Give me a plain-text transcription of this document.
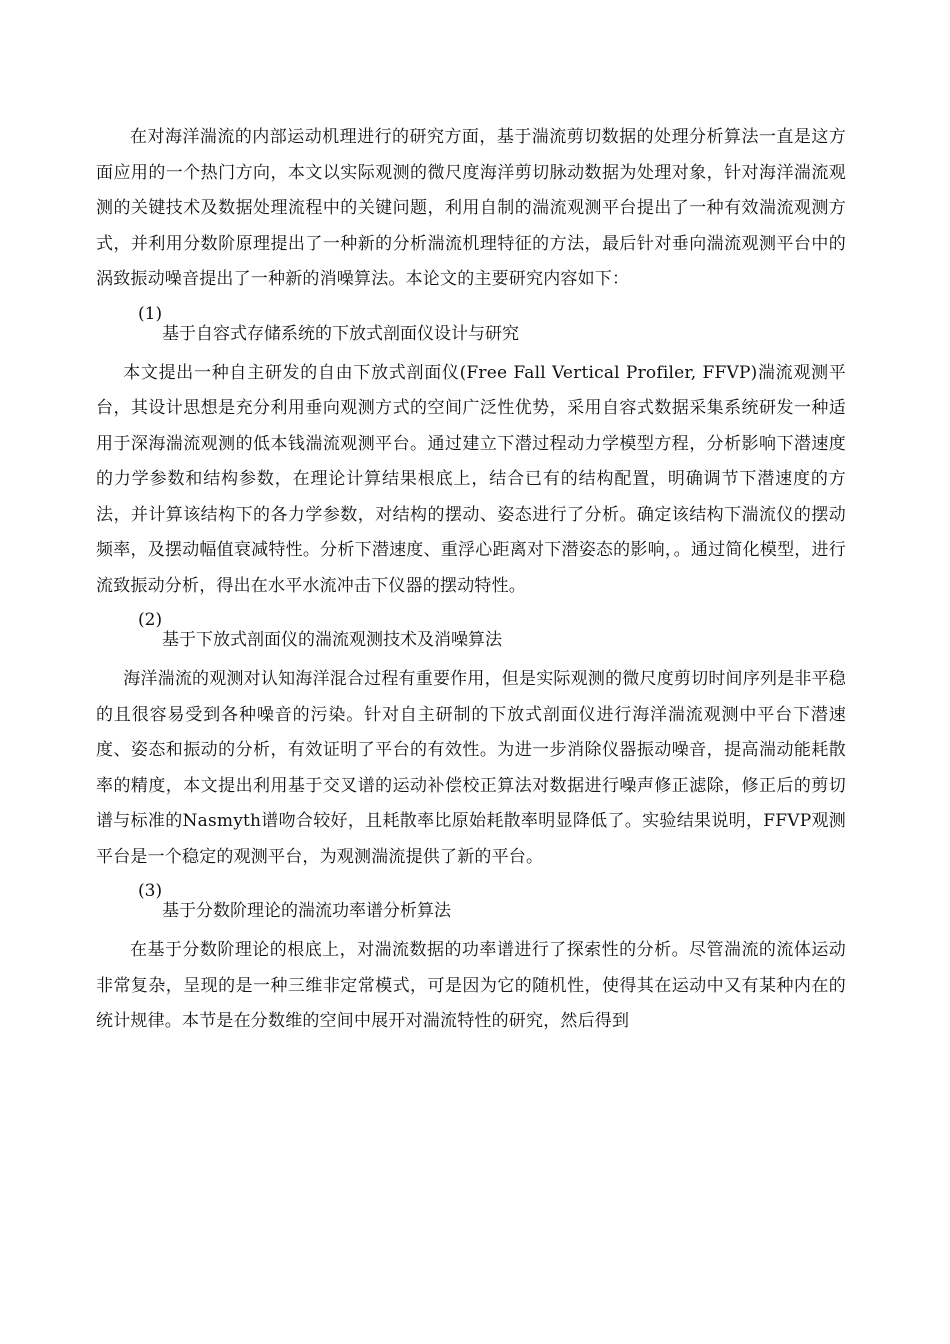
在对海洋湍流的内部运动机理进行的研究方面，基于湍流剪切数据的处理分析算法一直是这方面应用的一个热门方向，本文以实际观测的微尺度海洋剪切脉动数据为处理对象，针对海洋湍流观测的关键技术及数据处理流程中的关键问题，利用自制的湍流观测平台提出了一种有效湍流观测方式，并利用分数阶原理提出了一种新的分析湍流机理特征的方法，最后针对垂向湍流观测平台中的涡致振动噪音提出了一种新的消噪算法。本论文的主要研究内容如下：

(1)
基于自容式存储系统的下放式剖面仪设计与研究

本文提出一种自主研发的自由下放式剖面仪(Free Fall Vertical Profiler, FFVP)湍流观测平台，其设计思想是充分利用垂向观测方式的空间广泛性优势，采用自容式数据采集系统研发一种适用于深海湍流观测的低本钱湍流观测平台。通过建立下潜过程动力学模型方程，分析影响下潜速度的力学参数和结构参数，在理论计算结果根底上，结合已有的结构配置，明确调节下潜速度的方法，并计算该结构下的各力学参数，对结构的摆动、姿态进行了分析。确定该结构下湍流仪的摆动频率，及摆动幅值衰减特性。分析下潜速度、重浮心距离对下潜姿态的影响，。通过简化模型，进行流致振动分析，得出在水平水流冲击下仪器的摆动特性。

(2)
基于下放式剖面仪的湍流观测技术及消噪算法

海洋湍流的观测对认知海洋混合过程有重要作用，但是实际观测的微尺度剪切时间序列是非平稳的且很容易受到各种噪音的污染。针对自主研制的下放式剖面仪进行海洋湍流观测中平台下潜速度、姿态和振动的分析，有效证明了平台的有效性。为进一步消除仪器振动噪音，提高湍动能耗散率的精度，本文提出利用基于交叉谱的运动补偿校正算法对数据进行噪声修正滤除，修正后的剪切谱与标准的Nasmyth谱吻合较好，且耗散率比原始耗散率明显降低了。实验结果说明，FFVP观测平台是一个稳定的观测平台，为观测湍流提供了新的平台。

(3)
基于分数阶理论的湍流功率谱分析算法

在基于分数阶理论的根底上，对湍流数据的功率谱进行了探索性的分析。尽管湍流的流体运动非常复杂，呈现的是一种三维非定常模式，可是因为它的随机性，使得其在运动中又有某种内在的统计规律。本节是在分数维的空间中展开对湍流特性的研究，然后得到
